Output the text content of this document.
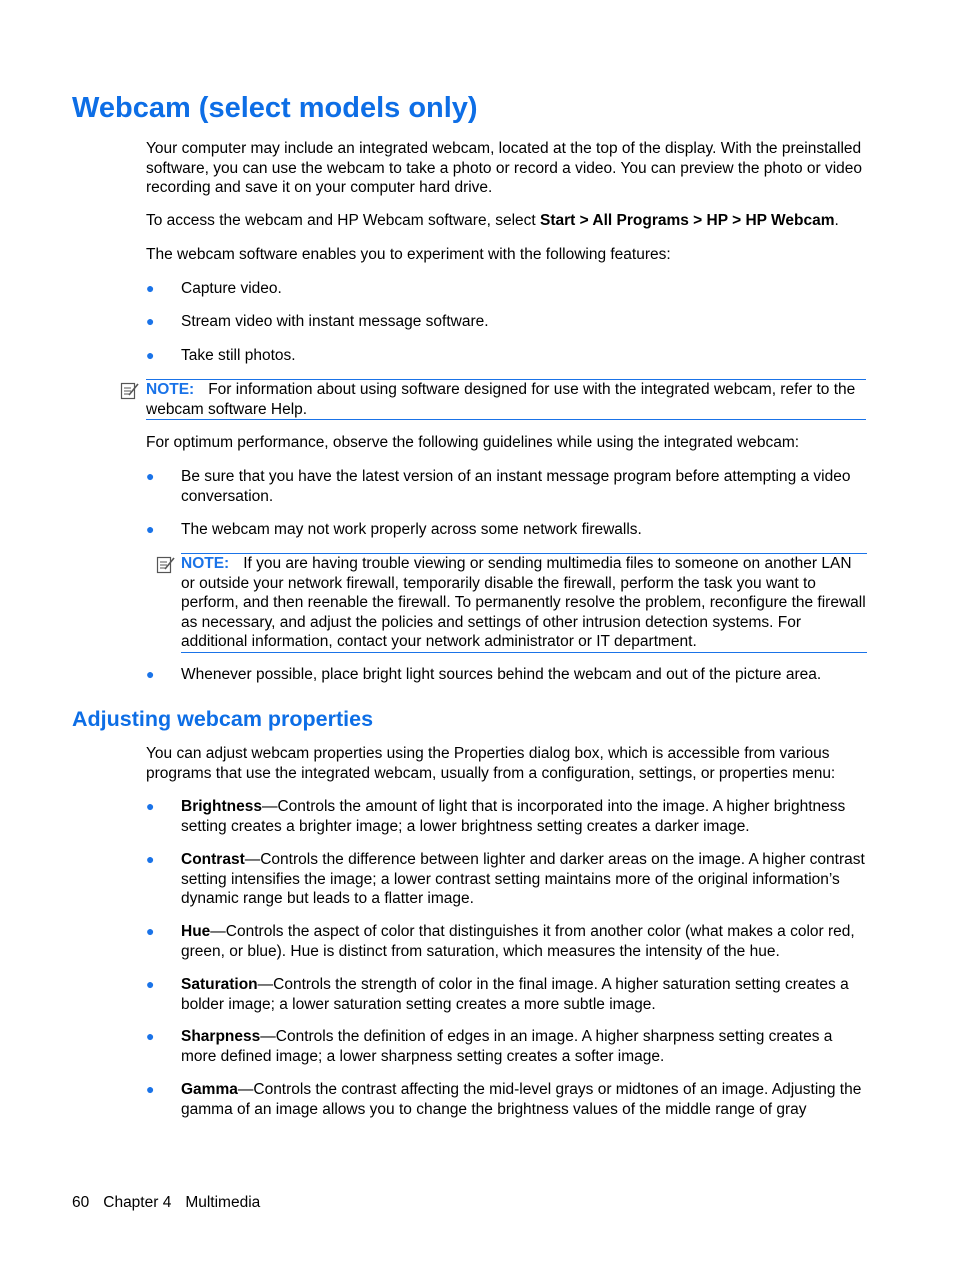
Webcam (select models only)

Your computer may include an integrated webcam, located at the top of the display. With the preinstalled software, you can use the webcam to take a photo or record a video. You can preview the photo or video recording and save it on your computer hard drive.

To access the webcam and HP Webcam software, select Start > All Programs > HP > HP Webcam.

The webcam software enables you to experiment with the following features:

●	Capture video.
●	Stream video with instant message software.
●	Take still photos.
NOTE: For information about using software designed for use with the integrated webcam, refer to the webcam software Help.

For optimum performance, observe the following guidelines while using the integrated webcam:

●	Be sure that you have the latest version of an instant message program before attempting a video conversation.
●	The webcam may not work properly across some network firewalls.
NOTE: If you are having trouble viewing or sending multimedia files to someone on another LAN or outside your network firewall, temporarily disable the firewall, perform the task you want to perform, and then reenable the firewall. To permanently resolve the problem, reconfigure the firewall as necessary, and adjust the policies and settings of other intrusion detection systems. For additional information, contact your network administrator or IT department.
●	Whenever possible, place bright light sources behind the webcam and out of the picture area.
Adjusting webcam properties

You can adjust webcam properties using the Properties dialog box, which is accessible from various programs that use the integrated webcam, usually from a configuration, settings, or properties menu:

●	Brightness—Controls the amount of light that is incorporated into the image. A higher brightness setting creates a brighter image; a lower brightness setting creates a darker image.
●	Contrast—Controls the difference between lighter and darker areas on the image. A higher contrast setting intensifies the image; a lower contrast setting maintains more of the original information’s dynamic range but leads to a flatter image.
●	Hue—Controls the aspect of color that distinguishes it from another color (what makes a color red, green, or blue). Hue is distinct from saturation, which measures the intensity of the hue.
●	Saturation—Controls the strength of color in the final image. A higher saturation setting creates a bolder image; a lower saturation setting creates a more subtle image.
●	Sharpness—Controls the definition of edges in an image. A higher sharpness setting creates a more defined image; a lower sharpness setting creates a softer image.
●	Gamma—Controls the contrast affecting the mid-level grays or midtones of an image. Adjusting the gamma of an image allows you to change the brightness values of the middle range of gray
60 Chapter 4 Multimedia
